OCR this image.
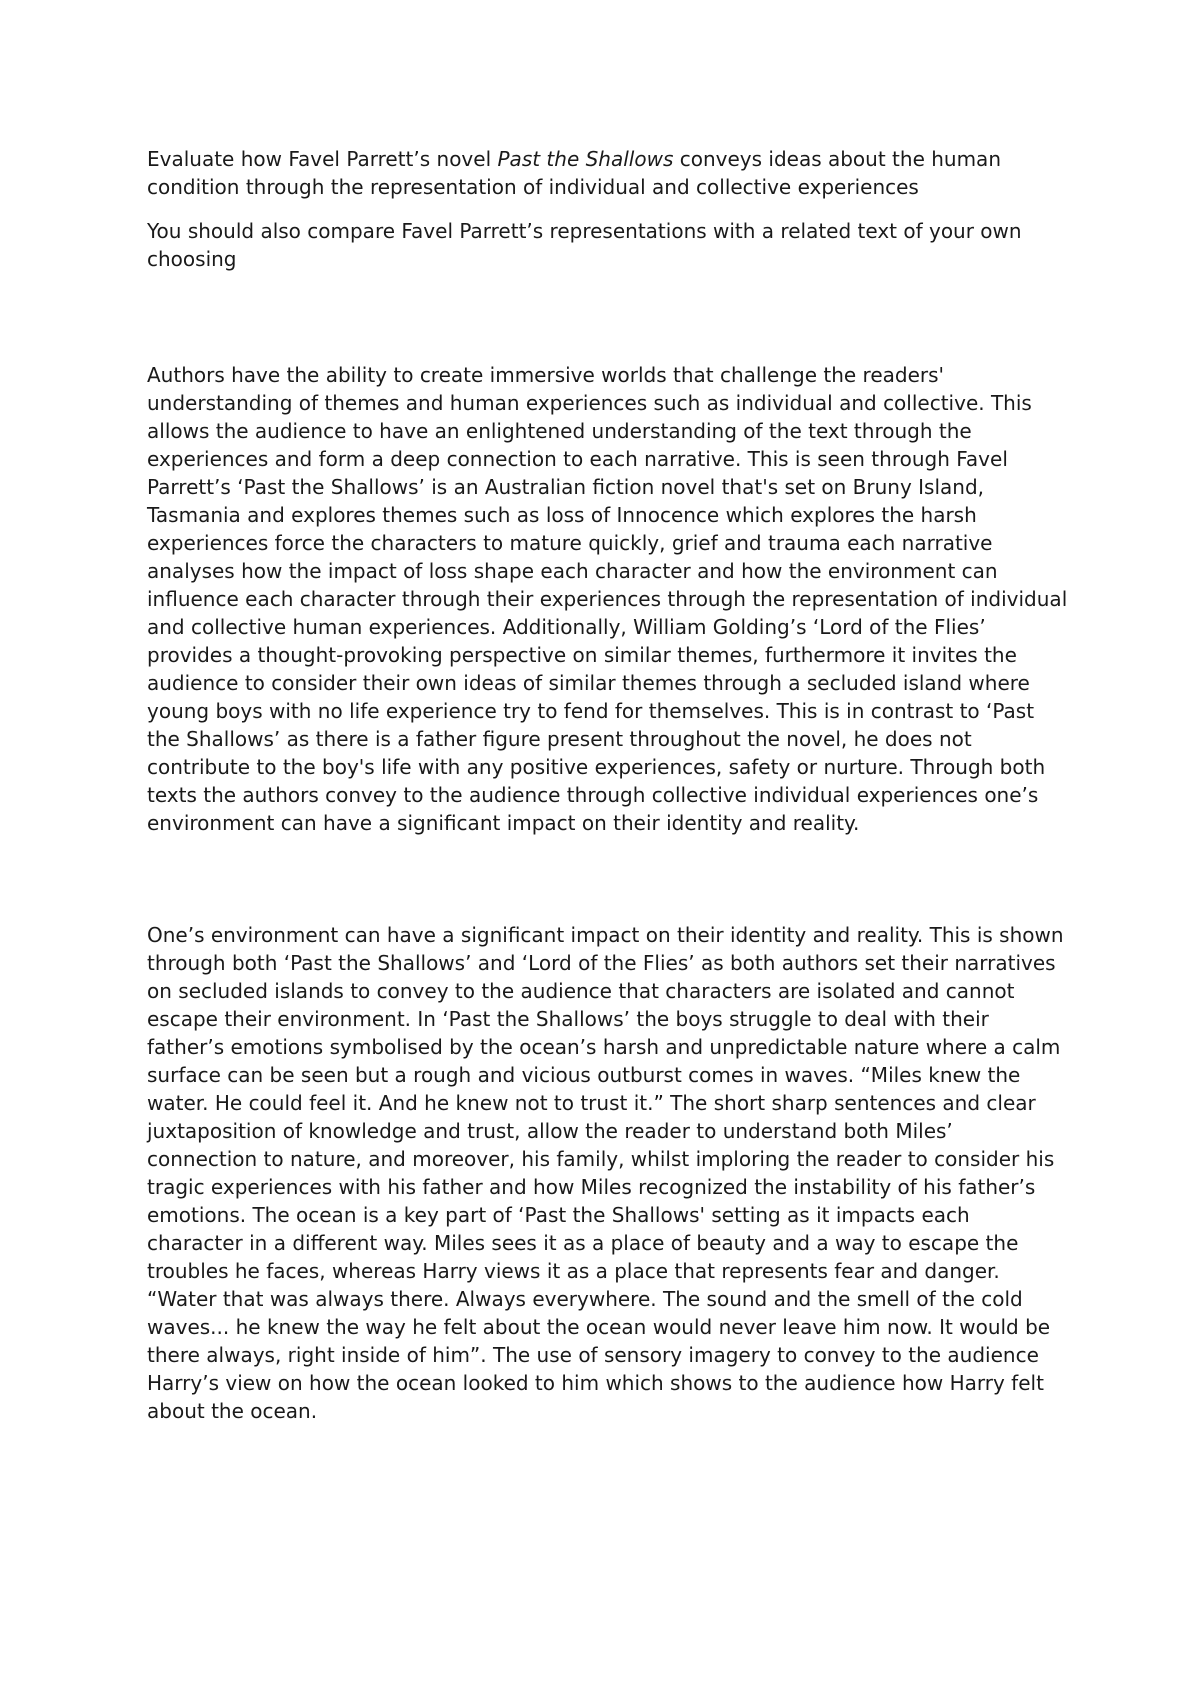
Evaluate how Favel Parrett’s novel Past the Shallows conveys ideas about the human condition through the representation of individual and collective experiences

You should also compare Favel Parrett’s representations with a related text of your own choosing

Authors have the ability to create immersive worlds that challenge the readers' understanding of themes and human experiences such as individual and collective. This allows the audience to have an enlightened understanding of the text through the experiences and form a deep connection to each narrative. This is seen through Favel Parrett’s ‘Past the Shallows’ is an Australian fiction novel that's set on Bruny Island, Tasmania and explores themes such as loss of Innocence which explores the harsh experiences force the characters to mature quickly, grief and trauma each narrative analyses how the impact of loss shape each character and how the environment can influence each character through their experiences through the representation of individual and collective human experiences. Additionally, William Golding’s ‘Lord of the Flies’ provides a thought-provoking perspective on similar themes, furthermore it invites the audience to consider their own ideas of similar themes through a secluded island where young boys with no life experience try to fend for themselves. This is in contrast to ‘Past the Shallows’ as there is a father figure present throughout the novel, he does not contribute to the boy's life with any positive experiences, safety or nurture. Through both texts the authors convey to the audience through collective individual experiences one’s environment can have a significant impact on their identity and reality.

One’s environment can have a significant impact on their identity and reality. This is shown through both ‘Past the Shallows’ and ‘Lord of the Flies’ as both authors set their narratives on secluded islands to convey to the audience that characters are isolated and cannot escape their environment. In ‘Past the Shallows’ the boys struggle to deal with their father’s emotions symbolised by the ocean’s harsh and unpredictable nature where a calm surface can be seen but a rough and vicious outburst comes in waves. “Miles knew the water. He could feel it. And he knew not to trust it.” The short sharp sentences and clear juxtaposition of knowledge and trust, allow the reader to understand both Miles’ connection to nature, and moreover, his family, whilst imploring the reader to consider his tragic experiences with his father and how Miles recognized the instability of his father’s emotions. The ocean is a key part of ‘Past the Shallows' setting as it impacts each character in a different way. Miles sees it as a place of beauty and a way to escape the troubles he faces, whereas Harry views it as a place that represents fear and danger. “Water that was always there. Always everywhere. The sound and the smell of the cold waves... he knew the way he felt about the ocean would never leave him now. It would be there always, right inside of him”. The use of sensory imagery to convey to the audience Harry’s view on how the ocean looked to him which shows to the audience how Harry felt about the ocean.
